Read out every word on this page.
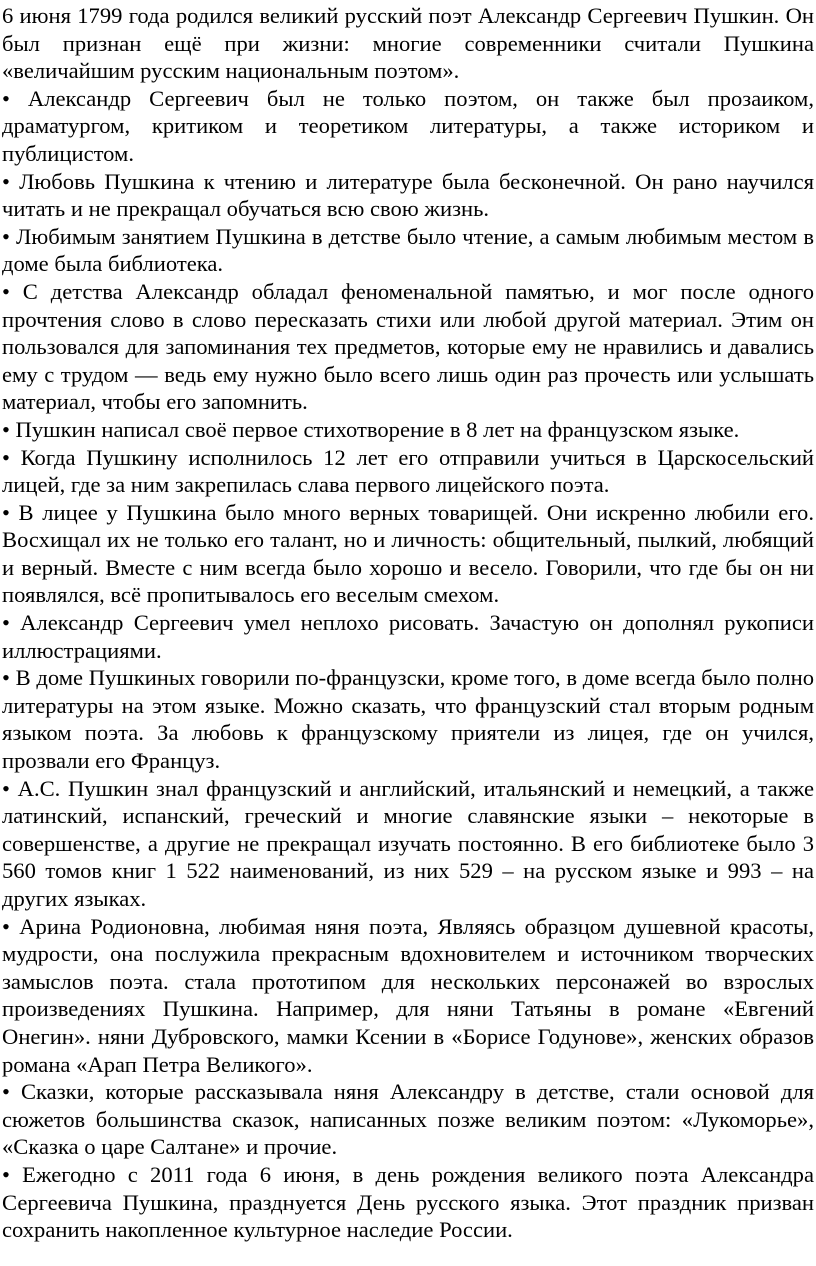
6 июня 1799 года родился великий русский поэт Александр Сергеевич Пушкин. Он был признан ещё при жизни: многие современники считали Пушкина «величайшим русским национальным поэтом».

• Александр Сергеевич был не только поэтом, он также был прозаиком, драматургом, критиком и теоретиком литературы, а также историком и публицистом.

• Любовь Пушкина к чтению и литературе была бесконечной. Он рано научился читать и не прекращал обучаться всю свою жизнь.

• Любимым занятием Пушкина в детстве было чтение, а самым любимым местом в доме была библиотека.

• С детства Александр обладал феноменальной памятью, и мог после одного прочтения слово в слово пересказать стихи или любой другой материал. Этим он пользовался для запоминания тех предметов, которые ему не нравились и давались ему с трудом — ведь ему нужно было всего лишь один раз прочесть или услышать материал, чтобы его запомнить.

• Пушкин написал своё первое стихотворение в 8 лет на французском языке.

• Когда Пушкину исполнилось 12 лет его отправили учиться в Царскосельский лицей, где за ним закрепилась слава первого лицейского поэта.

• В лицее у Пушкина было много верных товарищей. Они искренно любили его. Восхищал их не только его талант, но и личность: общительный, пылкий, любящий и верный. Вместе с ним всегда было хорошо и весело. Говорили, что где бы он ни появлялся, всё пропитывалось его веселым смехом.

• Александр Сергеевич умел неплохо рисовать. Зачастую он дополнял рукописи иллюстрациями.

• В доме Пушкиных говорили по-французски, кроме того, в доме всегда было полно литературы на этом языке. Можно сказать, что французский стал вторым родным языком поэта. За любовь к французскому приятели из лицея, где он учился, прозвали его Француз.

• А.С. Пушкин знал французский и английский, итальянский и немецкий, а также латинский, испанский, греческий и многие славянские языки – некоторые в совершенстве, а другие не прекращал изучать постоянно. В его библиотеке было 3 560 томов книг 1 522 наименований, из них 529 – на русском языке и 993 – на других языках.

• Арина Родионовна, любимая няня поэта, Являясь образцом душевной красоты, мудрости, она послужила прекрасным вдохновителем и источником творческих замыслов поэта. стала прототипом для нескольких персонажей во взрослых произведениях Пушкина. Например, для няни Татьяны в романе «Евгений Онегин». няни Дубровского, мамки Ксении в «Борисе Годунове», женских образов романа «Арап Петра Великого».

• Сказки, которые рассказывала няня Александру в детстве, стали основой для сюжетов большинства сказок, написанных позже великим поэтом: «Лукоморье», «Сказка о царе Салтане» и прочие.

• Ежегодно с 2011 года 6 июня, в день рождения великого поэта Александра Сергеевича Пушкина, празднуется День русского языка. Этот праздник призван сохранить накопленное культурное наследие России.
